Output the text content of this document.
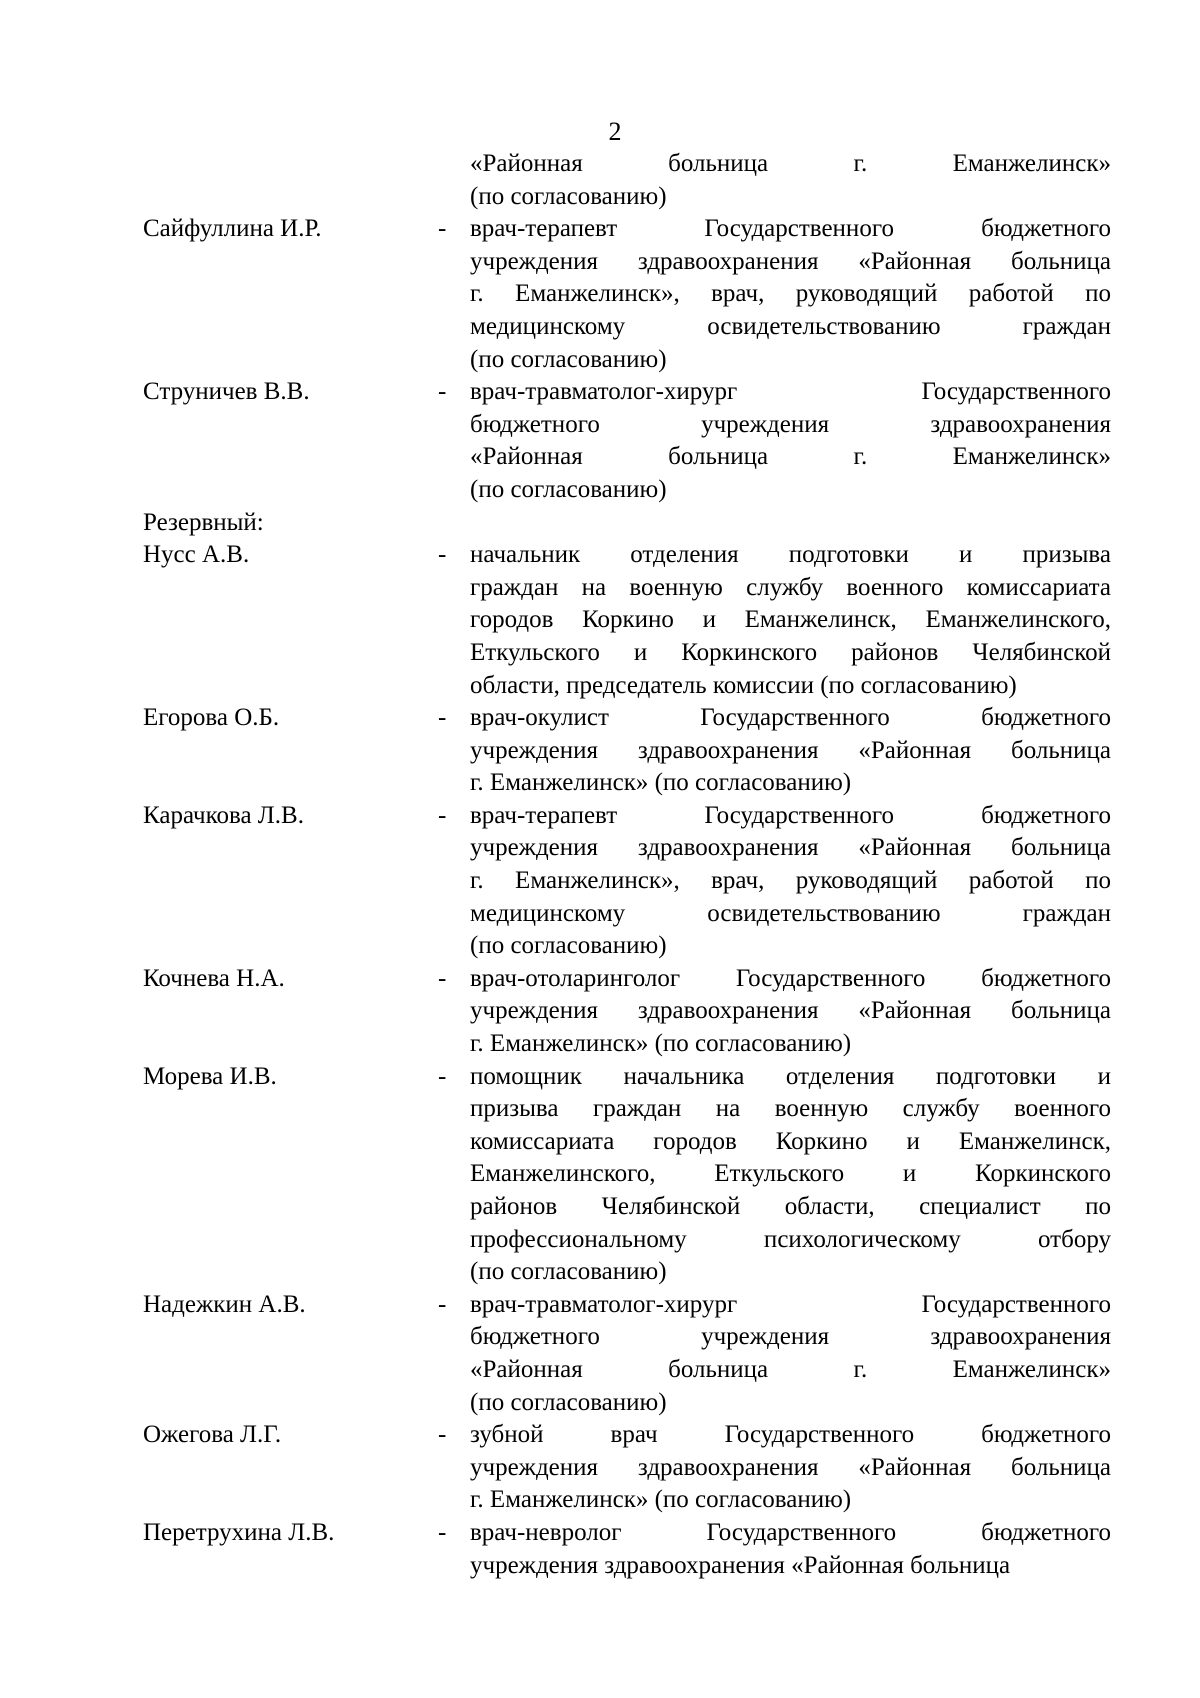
2
«Районная больница г. Еманжелинск»
(по согласованию)
Сайфуллина И.Р.	- врач-терапевт Государственного бюджетного
учреждения здравоохранения «Районная больница
г. Еманжелинск», врач, руководящий работой по
медицинскому освидетельствованию граждан
(по согласованию)
Струничев В.В.	- врач-травматолог-хирург Государственного
бюджетного учреждения здравоохранения
«Районная больница г. Еманжелинск»
(по согласованию)
Резервный:
Нусс А.В.	- начальник отделения подготовки и призыва
граждан на военную службу военного комиссариата
городов Коркино и Еманжелинск, Еманжелинского,
Еткульского и Коркинского районов Челябинской
области, председатель комиссии (по согласованию)
Егорова О.Б.	- врач-окулист Государственного бюджетного
учреждения здравоохранения «Районная больница
г. Еманжелинск» (по согласованию)
Карачкова Л.В.	- врач-терапевт Государственного бюджетного
учреждения здравоохранения «Районная больница
г. Еманжелинск», врач, руководящий работой по
медицинскому освидетельствованию граждан
(по согласованию)
Кочнева Н.А.	- врач-отоларинголог Государственного бюджетного
учреждения здравоохранения «Районная больница
г. Еманжелинск» (по согласованию)
Морева И.В.	- помощник начальника отделения подготовки и
призыва граждан на военную службу военного
комиссариата городов Коркино и Еманжелинск,
Еманжелинского, Еткульского и Коркинского
районов Челябинской области, специалист по
профессиональному психологическому отбору
(по согласованию)
Надежкин А.В.	- врач-травматолог-хирург Государственного
бюджетного учреждения здравоохранения
«Районная больница г. Еманжелинск»
(по согласованию)
Ожегова Л.Г.	- зубной врач Государственного бюджетного
учреждения здравоохранения «Районная больница
г. Еманжелинск» (по согласованию)
Перетрухина Л.В.	- врач-невролог Государственного бюджетного
учреждения здравоохранения «Районная больница
